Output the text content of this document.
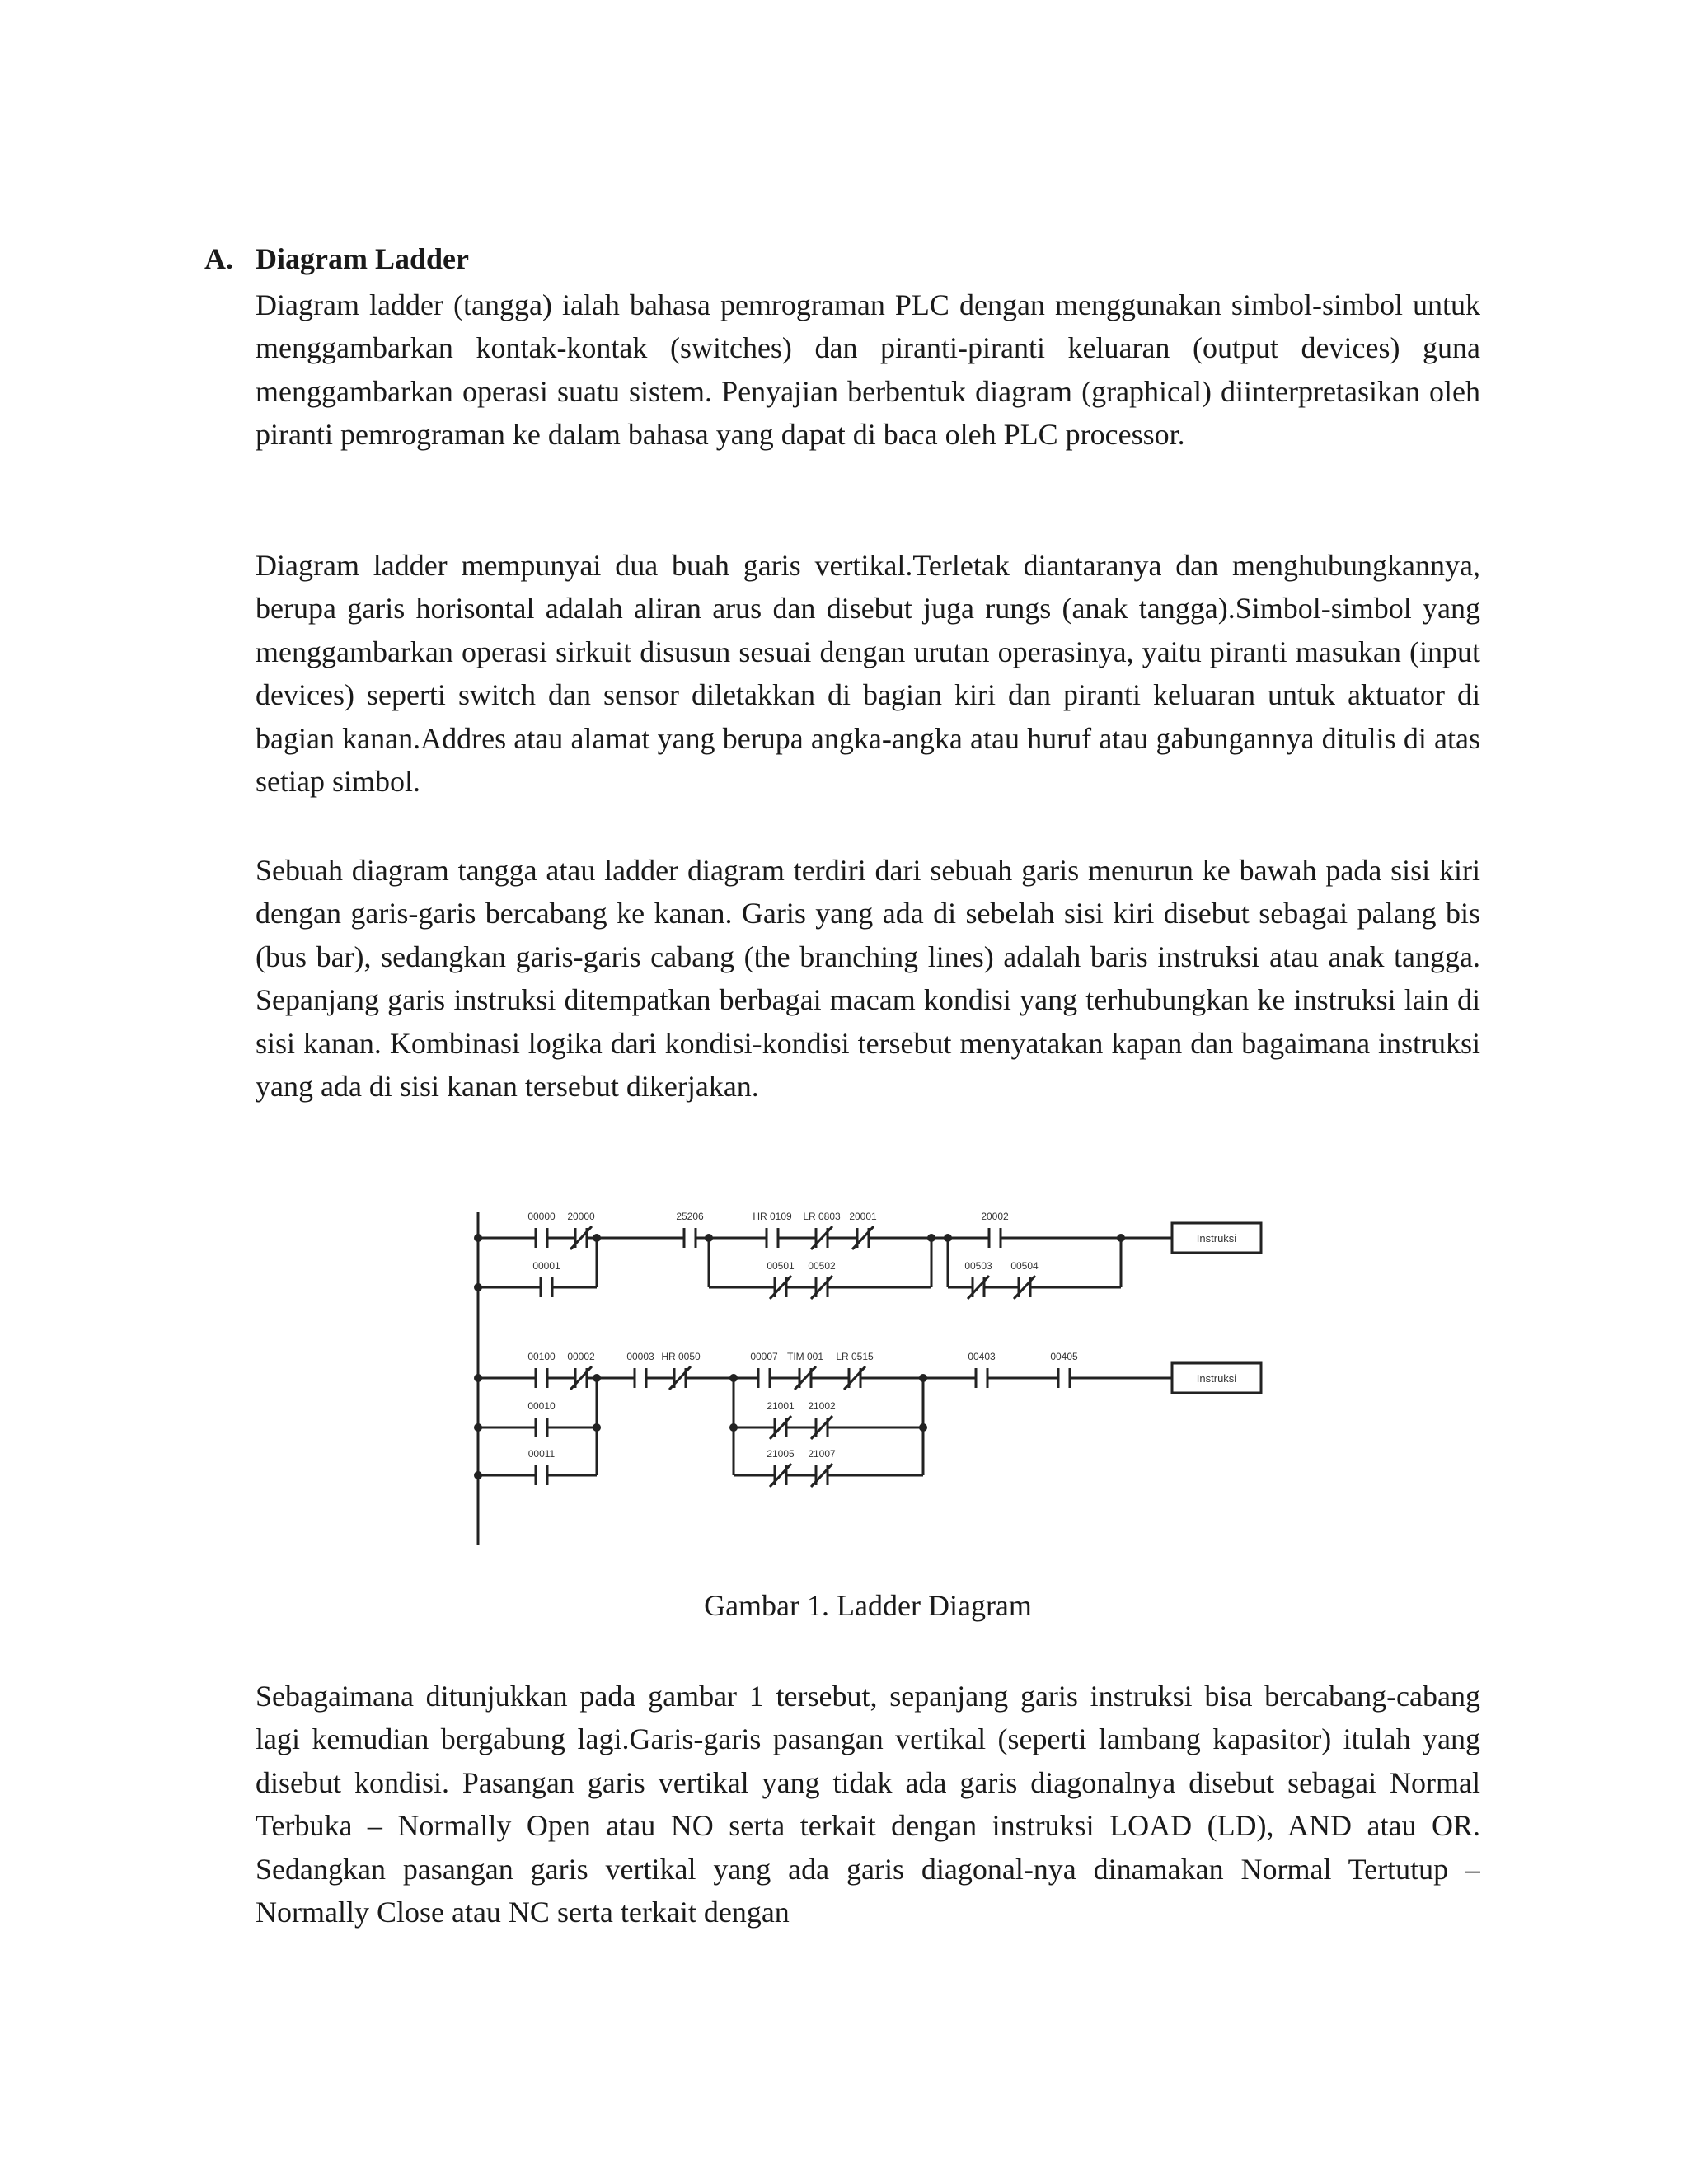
A. Diagram Ladder

Diagram ladder (tangga) ialah bahasa pemrograman PLC dengan menggunakan simbol-simbol untuk menggambarkan kontak-kontak (switches) dan piranti-piranti keluaran (output devices) guna menggambarkan operasi suatu sistem. Penyajian berbentuk diagram (graphical) diinterpretasikan oleh piranti pemrograman ke dalam bahasa yang dapat di baca oleh PLC processor.

Diagram ladder mempunyai dua buah garis vertikal.Terletak diantaranya dan menghubungkannya, berupa garis horisontal adalah aliran arus dan disebut juga rungs (anak tangga).Simbol-simbol yang menggambarkan operasi sirkuit disusun sesuai dengan urutan operasinya, yaitu piranti masukan (input devices) seperti switch dan sensor diletakkan di bagian kiri dan piranti keluaran untuk aktuator di bagian kanan.Addres atau alamat yang berupa angka-angka atau huruf atau gabungannya ditulis di atas setiap simbol.

Sebuah diagram tangga atau ladder diagram terdiri dari sebuah garis menurun ke bawah pada sisi kiri dengan garis-garis bercabang ke kanan. Garis yang ada di sebelah sisi kiri disebut sebagai palang bis (bus bar), sedangkan garis-garis cabang (the branching lines) adalah baris instruksi atau anak tangga. Sepanjang garis instruksi ditempatkan berbagai macam kondisi yang terhubungkan ke instruksi lain di sisi kanan. Kombinasi logika dari kondisi-kondisi tersebut menyatakan kapan dan bagaimana instruksi yang ada di sisi kanan tersebut dikerjakan.

Instruksi
00000 20000
00001
25206	HR 0109 LR 0803 20001
00501 00502
20002
00503 00504
Instruksi
00100 00002
00010
00011
00003 HR 0050	00007 TIM 001 LR 0515
21001 21002
21005 21007
00403	00405
Gambar 1. Ladder Diagram

Sebagaimana ditunjukkan pada gambar 1 tersebut, sepanjang garis instruksi bisa bercabang-cabang lagi kemudian bergabung lagi.Garis-garis pasangan vertikal (seperti lambang kapasitor) itulah yang disebut kondisi. Pasangan garis vertikal yang tidak ada garis diagonalnya disebut sebagai Normal Terbuka – Normally Open atau NO serta terkait dengan instruksi LOAD (LD), AND atau OR. Sedangkan pasangan garis vertikal yang ada garis diagonal-nya dinamakan Normal Tertutup – Normally Close atau NC serta terkait dengan
